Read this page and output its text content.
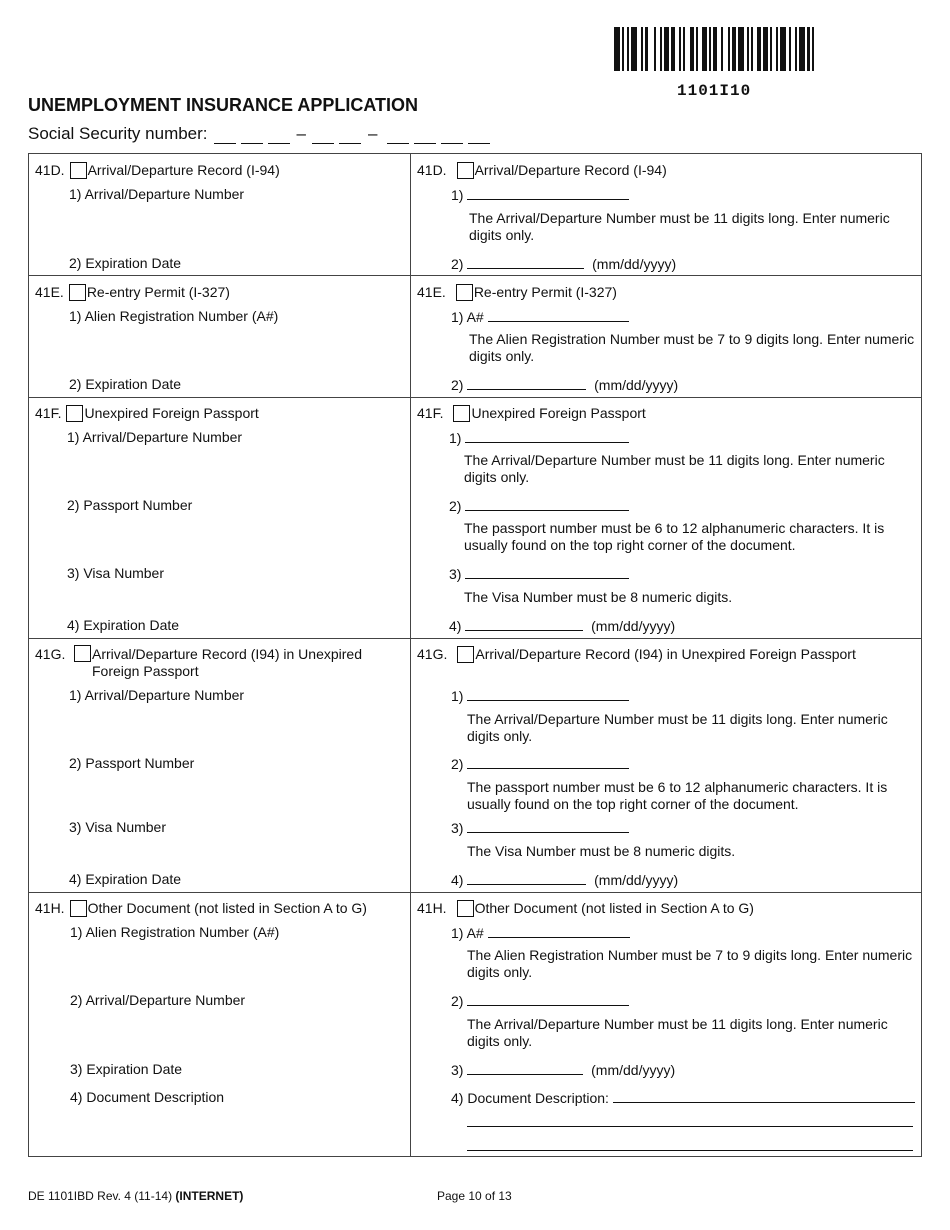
1101I10
UNEMPLOYMENT INSURANCE APPLICATION
Social Security number:	–	–
41D. Arrival/Departure Record (I-94)
1) Arrival/Departure Number
2) Expiration Date
41D. Arrival/Departure Record (I-94)
1)
The Arrival/Departure Number must be 11 digits long. Enter numeric digits only.
2)	(mm/dd/yyyy)
41E. Re-entry Permit (I-327)
1) Alien Registration Number (A#)
2) Expiration Date
41E. Re-entry Permit (I-327)
1) A#
The Alien Registration Number must be 7 to 9 digits long. Enter numeric digits only.
2)	(mm/dd/yyyy)
41F. Unexpired Foreign Passport
1) Arrival/Departure Number
2) Passport Number
3) Visa Number
4) Expiration Date
41F. Unexpired Foreign Passport
1)
The Arrival/Departure Number must be 11 digits long. Enter numeric digits only.
2)
The passport number must be 6 to 12 alphanumeric characters. It is usually found on the top right corner of the document.
3)
The Visa Number must be 8 numeric digits.
4)	(mm/dd/yyyy)
41G. Arrival/Departure Record (I94) in Unexpired Foreign Passport
1) Arrival/Departure Number
2) Passport Number
3) Visa Number
4) Expiration Date
41G. Arrival/Departure Record (I94) in Unexpired Foreign Passport
1)
The Arrival/Departure Number must be 11 digits long. Enter numeric digits only.
2)
The passport number must be 6 to 12 alphanumeric characters. It is usually found on the top right corner of the document.
3)
The Visa Number must be 8 numeric digits.
4)	(mm/dd/yyyy)
41H. Other Document (not listed in Section A to G)
1) Alien Registration Number (A#)
2) Arrival/Departure Number
3) Expiration Date
4) Document Description
41H. Other Document (not listed in Section A to G)
1) A#
The Alien Registration Number must be 7 to 9 digits long. Enter numeric digits only.
2)
The Arrival/Departure Number must be 11 digits long. Enter numeric digits only.
3)	(mm/dd/yyyy)
4) Document Description:
DE 1101IBD Rev. 4 (11-14) (INTERNET)	Page 10 of 13
